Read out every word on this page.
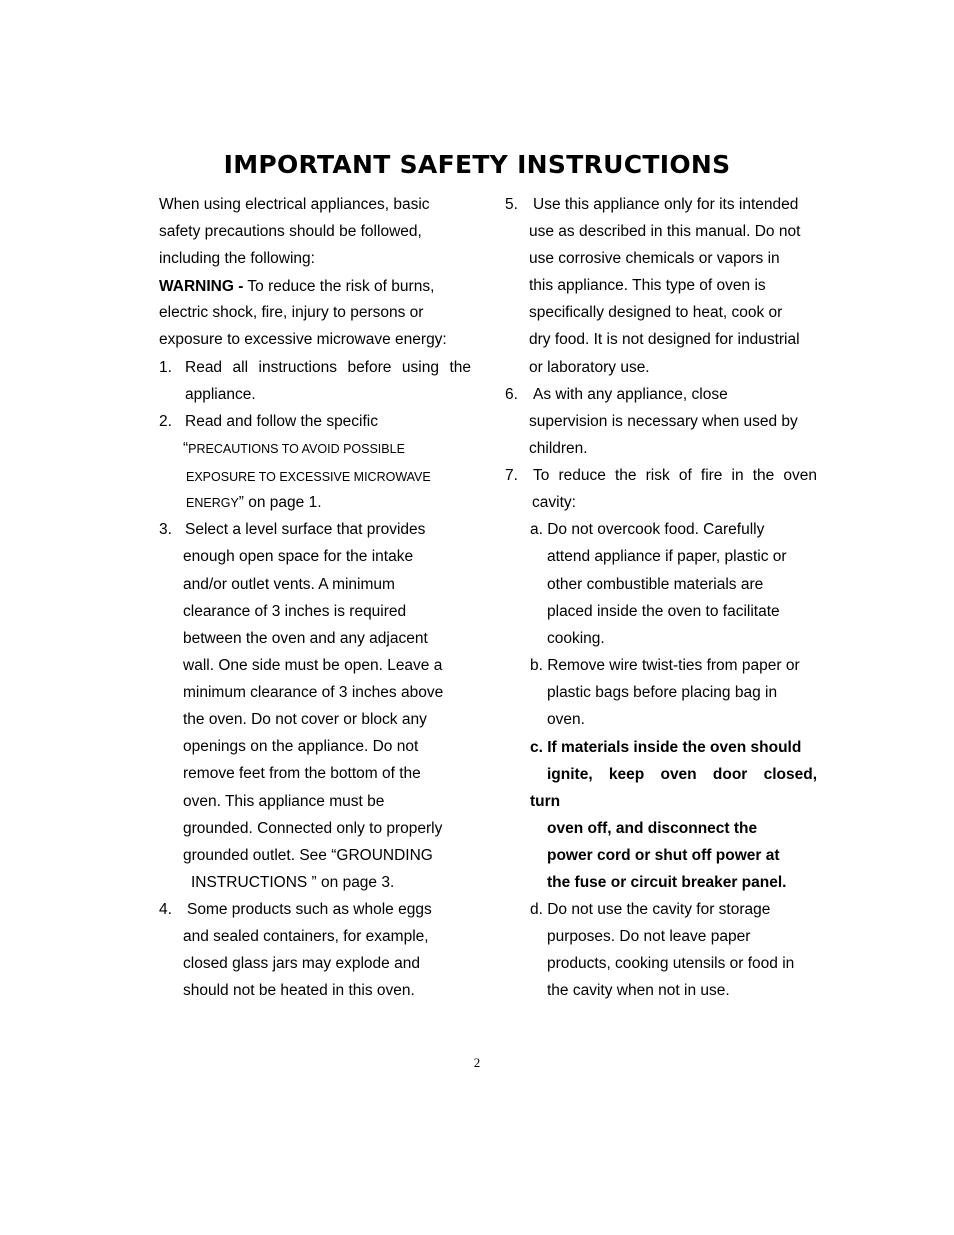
IMPORTANT SAFETY INSTRUCTIONS
When using electrical appliances, basic
safety precautions should be followed,
including the following:
WARNING - To reduce the risk of burns,
electric shock, fire, injury to persons or
exposure to excessive microwave energy:
1. Read all instructions before using the
appliance.
2. Read and follow the specific
“PRECAUTIONS TO AVOID POSSIBLE
EXPOSURE TO EXCESSIVE MICROWAVE
ENERGY” on page 1.
3. Select a level surface that provides
enough open space for the intake
and/or outlet vents. A minimum
clearance of 3 inches is required
between the oven and any adjacent
wall. One side must be open. Leave a
minimum clearance of 3 inches above
the oven. Do not cover or block any
openings on the appliance. Do not
remove feet from the bottom of the
oven. This appliance must be
grounded. Connected only to properly
grounded outlet. See “GROUNDING
INSTRUCTIONS ” on page 3.
4. Some products such as whole eggs
and sealed containers, for example,
closed glass jars may explode and
should not be heated in this oven.
5. Use this appliance only for its intended
use as described in this manual. Do not
use corrosive chemicals or vapors in
this appliance. This type of oven is
specifically designed to heat, cook or
dry food. It is not designed for industrial
or laboratory use.
6. As with any appliance, close
supervision is necessary when used by
children.
7. To reduce the risk of fire in the oven
cavity:
a. Do not overcook food. Carefully
attend appliance if paper, plastic or
other combustible materials are
placed inside the oven to facilitate
cooking.
b. Remove wire twist-ties from paper or
plastic bags before placing bag in
oven.
c. If materials inside the oven should
ignite, keep oven door closed,
turn
oven off, and disconnect the
power cord or shut off power at
the fuse or circuit breaker panel.
d. Do not use the cavity for storage
purposes. Do not leave paper
products, cooking utensils or food in
the cavity when not in use.
2
